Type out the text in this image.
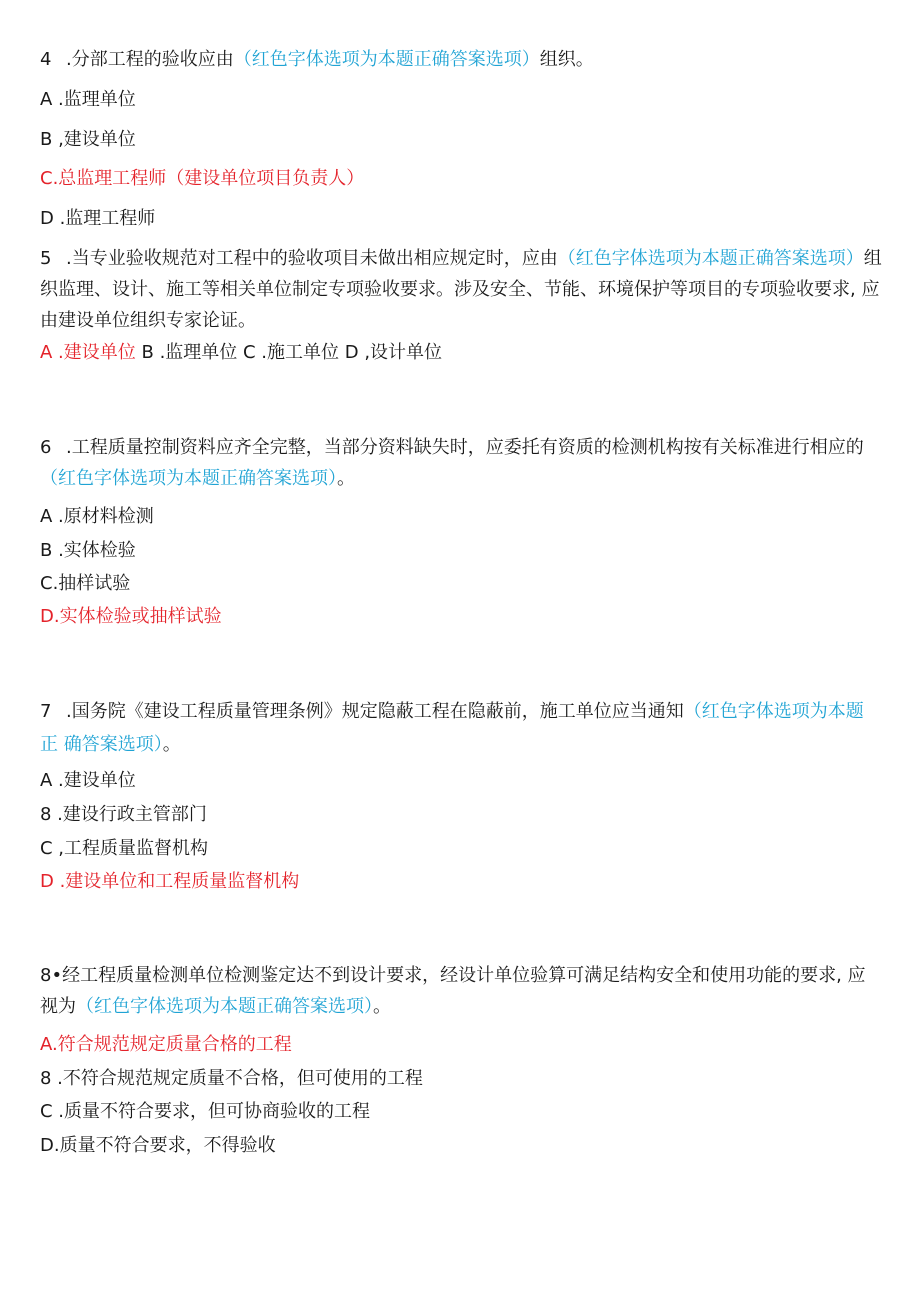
4 .分部工程的验收应由（红色字体选项为本题正确答案选项）组织。
A .监理单位
B ,建设单位
C.总监理工程师（建设单位项目负责人）
D .监理工程师
5 .当专业验收规范对工程中的验收项目未做出相应规定时，应由（红色字体选项为本题正确答案选项）组 织监理、设计、施工等相关单位制定专项验收要求。涉及安全、节能、环境保护等项目的专项验收要求, 应由建设单位组织专家论证。
A .建设单位 B .监理单位 C .施工单位 D ,设计单位
6 .工程质量控制资料应齐全完整，当部分资料缺失时，应委托有资质的检测机构按有关标准进行相应的（红色字体选项为本题正确答案选项）。
A .原材料检测
B .实体检验
C.抽样试验
D.实体检验或抽样试验
7 .国务院《建设工程质量管理条例》规定隐蔽工程在隐蔽前，施工单位应当通知（红色字体选项为本题
正 确答案选项）。
A .建设单位
8 .建设行政主管部门
C ,工程质量监督机构
D .建设单位和工程质量监督机构
8•经工程质量检测单位检测鉴定达不到设计要求，经设计单位验算可满足结构安全和使用功能的要求, 应视为（红色字体选项为本题正确答案选项）。
A.符合规范规定质量合格的工程
8 .不符合规范规定质量不合格，但可使用的工程
C .质量不符合要求，但可协商验收的工程
D.质量不符合要求，不得验收
